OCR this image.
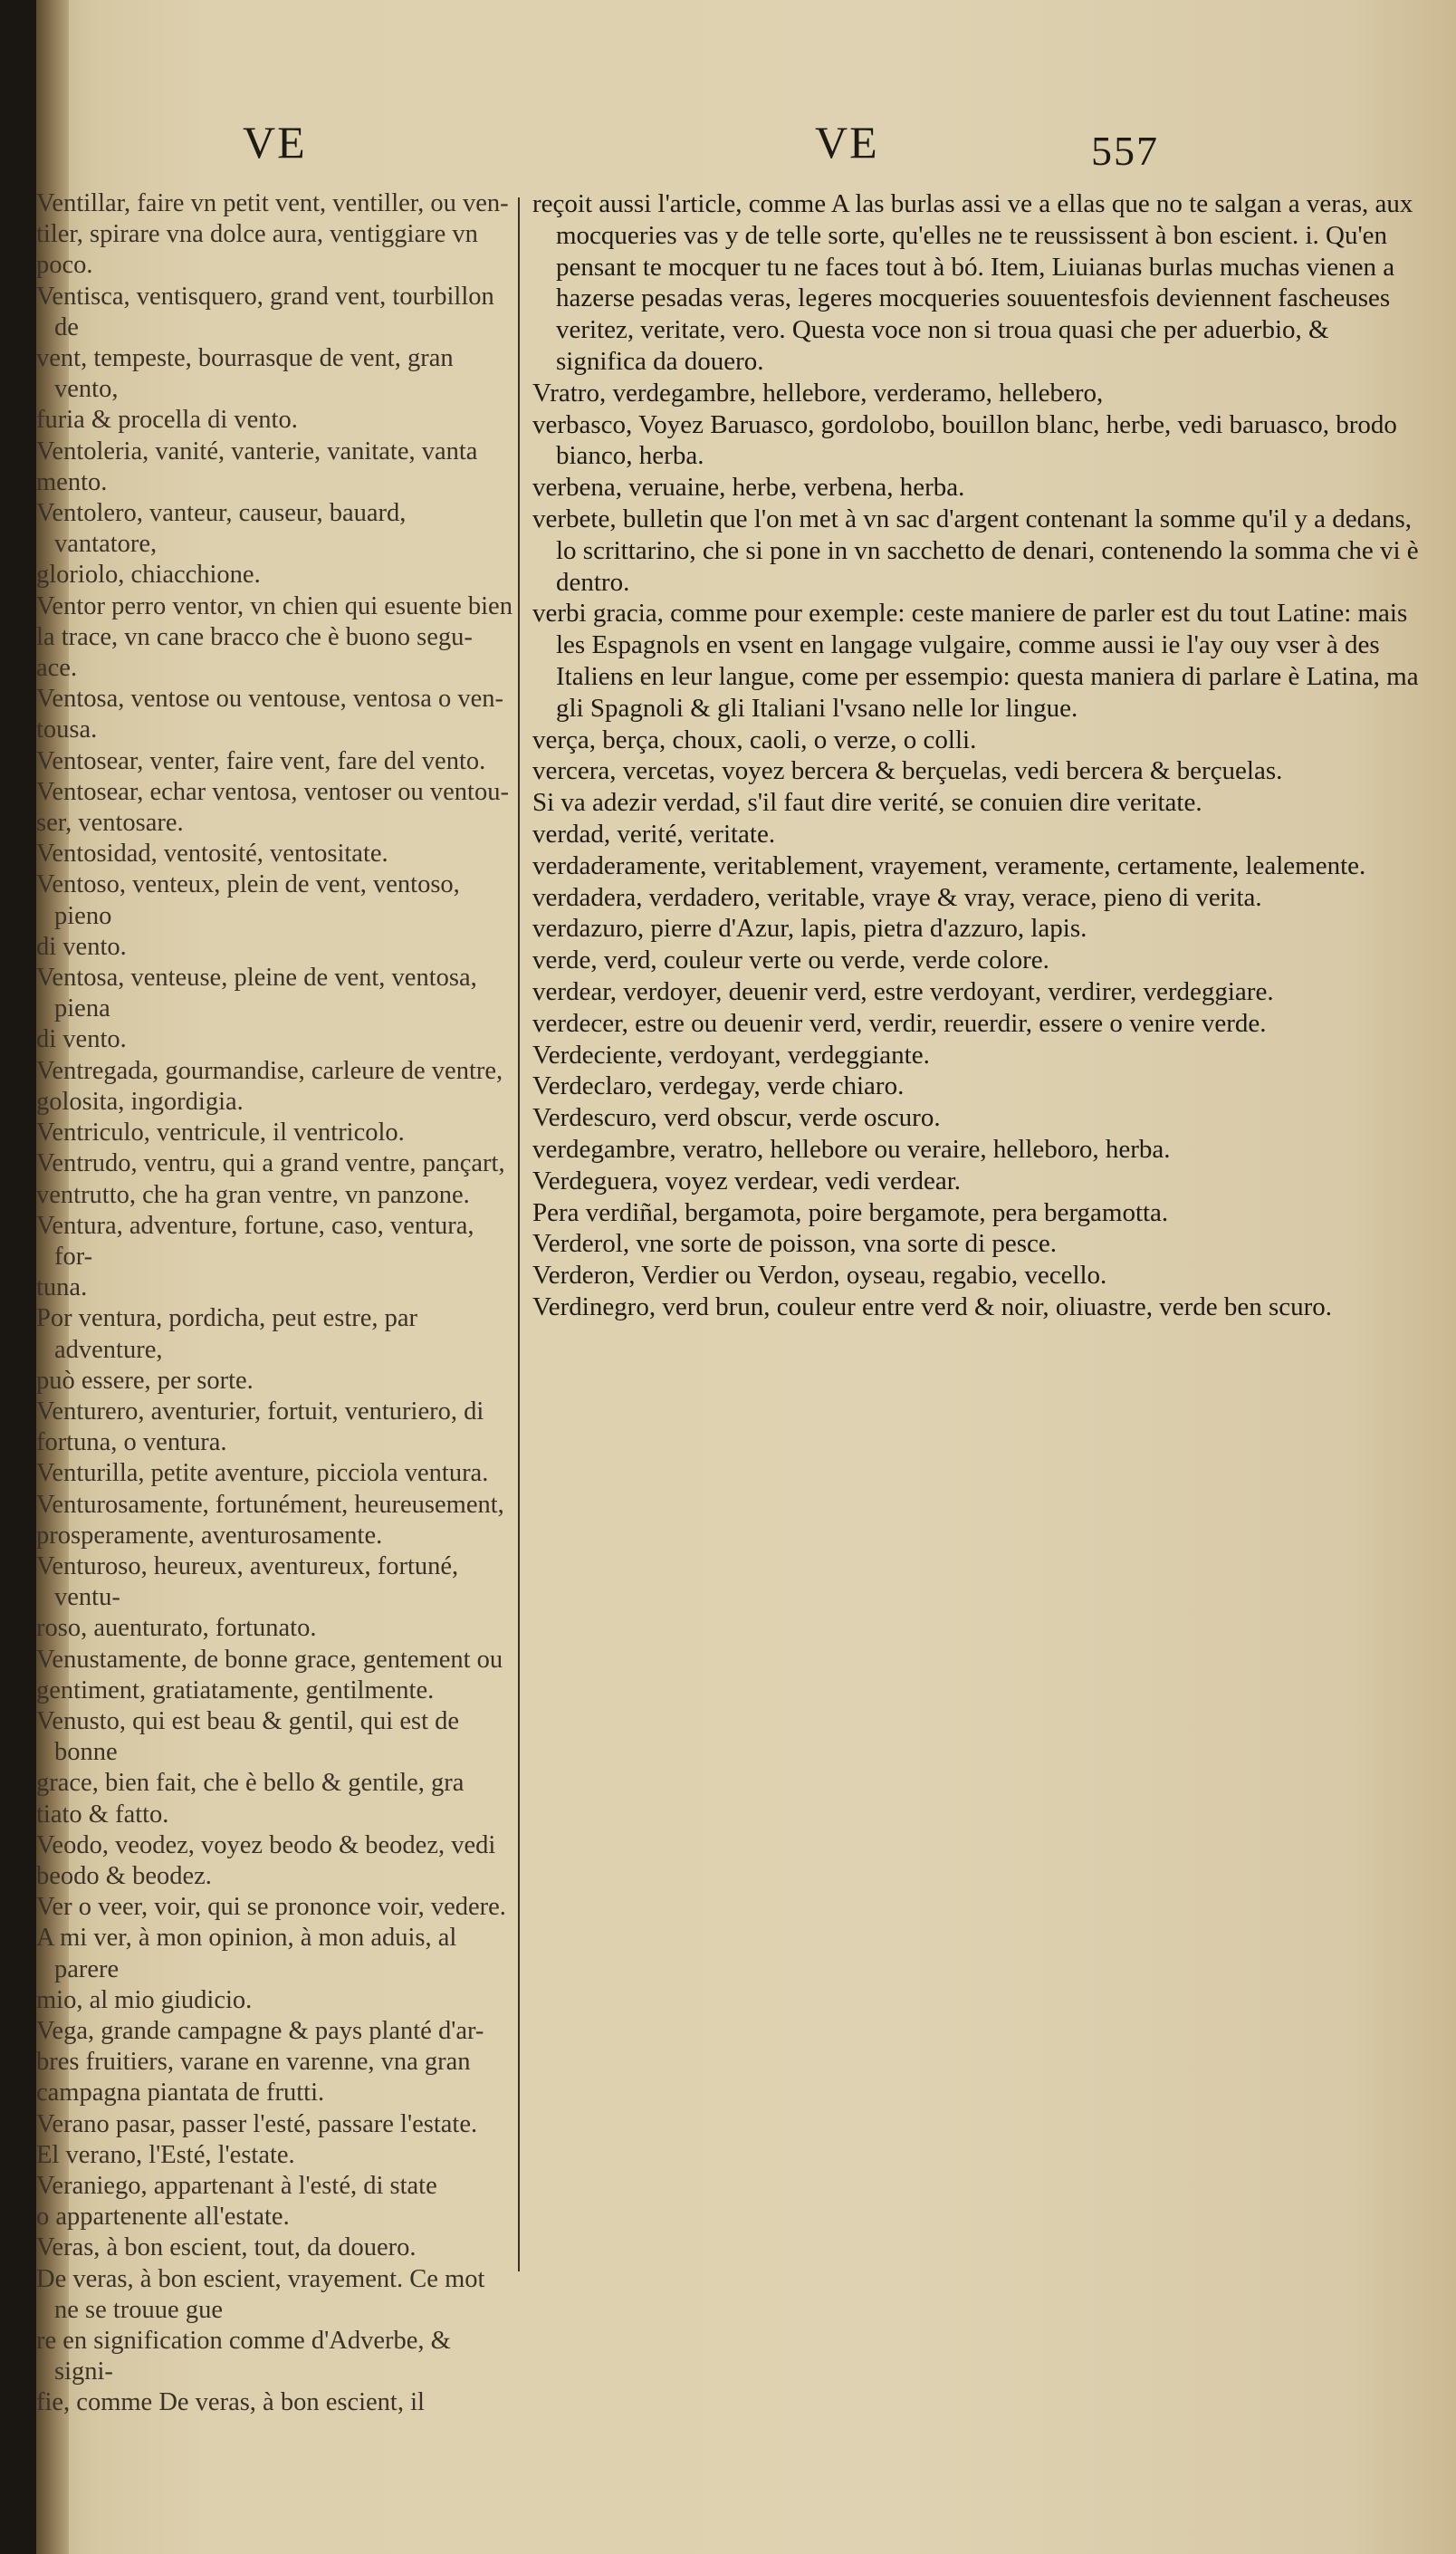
VE	VE	557

Ventillar, faire vn petit vent, ventiller, ou ven-

tiler, spirare vna dolce aura, ventiggiare vn

poco.

Ventisca, ventisquero, grand vent, tourbillon de

vent, tempeste, bourrasque de vent, gran vento,

furia & procella di vento.

Ventoleria, vanité, vanterie, vanitate, vanta

mento.

Ventolero, vanteur, causeur, bauard, vantatore,

gloriolo, chiacchione.

Ventor perro ventor, vn chien qui esuente bien

la trace, vn cane bracco che è buono segu-

ace.

Ventosa, ventose ou ventouse, ventosa o ven-

tousa.

Ventosear, venter, faire vent, fare del vento.

Ventosear, echar ventosa, ventoser ou ventou-

ser, ventosare.

Ventosidad, ventosité, ventositate.

Ventoso, venteux, plein de vent, ventoso, pieno

di vento.

Ventosa, venteuse, pleine de vent, ventosa, piena

di vento.

Ventregada, gourmandise, carleure de ventre,

golosita, ingordigia.

Ventriculo, ventricule, il ventricolo.

Ventrudo, ventru, qui a grand ventre, pançart,

ventrutto, che ha gran ventre, vn panzone.

Ventura, adventure, fortune, caso, ventura, for-

tuna.

Por ventura, pordicha, peut estre, par adventure,

può essere, per sorte.

Venturero, aventurier, fortuit, venturiero, di

fortuna, o ventura.

Venturilla, petite aventure, picciola ventura.

Venturosamente, fortunément, heureusement,

prosperamente, aventurosamente.

Venturoso, heureux, aventureux, fortuné, ventu-

roso, auenturato, fortunato.

Venustamente, de bonne grace, gentement ou

gentiment, gratiatamente, gentilmente.

Venusto, qui est beau & gentil, qui est de bonne

grace, bien fait, che è bello & gentile, gra

tiato & fatto.

Veodo, veodez, voyez beodo & beodez, vedi

beodo & beodez.

Ver o veer, voir, qui se prononce voir, vedere.

A mi ver, à mon opinion, à mon aduis, al parere

mio, al mio giudicio.

Vega, grande campagne & pays planté d'ar-

bres fruitiers, varane en varenne, vna gran

campagna piantata de frutti.

Verano pasar, passer l'esté, passare l'estate.

El verano, l'Esté, l'estate.

Veraniego, appartenant à l'esté, di state

o appartenente all'estate.

Veras, à bon escient, tout, da douero.

De veras, à bon escient, vrayement. Ce mot ne se trouue gue

re en signification comme d'Adverbe, & signi-

fie, comme De veras, à bon escient, il

reçoit aussi l'article, comme A las burlas assi ve a ellas que no te salgan a veras, aux mocqueries vas y de telle sorte, qu'elles ne te reussissent à bon escient. i. Qu'en pensant te mocquer tu ne faces tout à bó. Item, Liuianas burlas muchas vienen a hazerse pesadas veras, legeres mocqueries souuentesfois deviennent fascheuses veritez, veritate, vero. Questa voce non si troua quasi che per aduerbio, & significa da douero.

Vratro, verdegambre, hellebore, verderamo, hellebero,

verbasco, Voyez Baruasco, gordolobo, bouillon blanc, herbe, vedi baruasco, brodo bianco, herba.

verbena, veruaine, herbe, verbena, herba.

verbete, bulletin que l'on met à vn sac d'argent contenant la somme qu'il y a dedans, lo scrittarino, che si pone in vn sacchetto de denari, contenendo la somma che vi è dentro.

verbi gracia, comme pour exemple: ceste maniere de parler est du tout Latine: mais les Espagnols en vsent en langage vulgaire, comme aussi ie l'ay ouy vser à des Italiens en leur langue, come per essempio: questa maniera di parlare è Latina, ma gli Spagnoli & gli Italiani l'vsano nelle lor lingue.

verça, berça, choux, caoli, o verze, o colli.

vercera, vercetas, voyez bercera & berçuelas, vedi bercera & berçuelas.

Si va adezir verdad, s'il faut dire verité, se conuien dire veritate.

verdad, verité, veritate.

verdaderamente, veritablement, vrayement, veramente, certamente, lealemente.

verdadera, verdadero, veritable, vraye & vray, verace, pieno di verita.

verdazuro, pierre d'Azur, lapis, pietra d'azzuro, lapis.

verde, verd, couleur verte ou verde, verde colore.

verdear, verdoyer, deuenir verd, estre verdoyant, verdirer, verdeggiare.

verdecer, estre ou deuenir verd, verdir, reuerdir, essere o venire verde.

Verdeciente, verdoyant, verdeggiante.

Verdeclaro, verdegay, verde chiaro.

Verdescuro, verd obscur, verde oscuro.

verdegambre, veratro, hellebore ou veraire, helleboro, herba.

Verdeguera, voyez verdear, vedi verdear.

Pera verdiñal, bergamota, poire bergamote, pera bergamotta.

Verderol, vne sorte de poisson, vna sorte di pesce.

Verderon, Verdier ou Verdon, oyseau, regabio, vecello.

Verdinegro, verd brun, couleur entre verd & noir, oliuastre, verde ben scuro.
